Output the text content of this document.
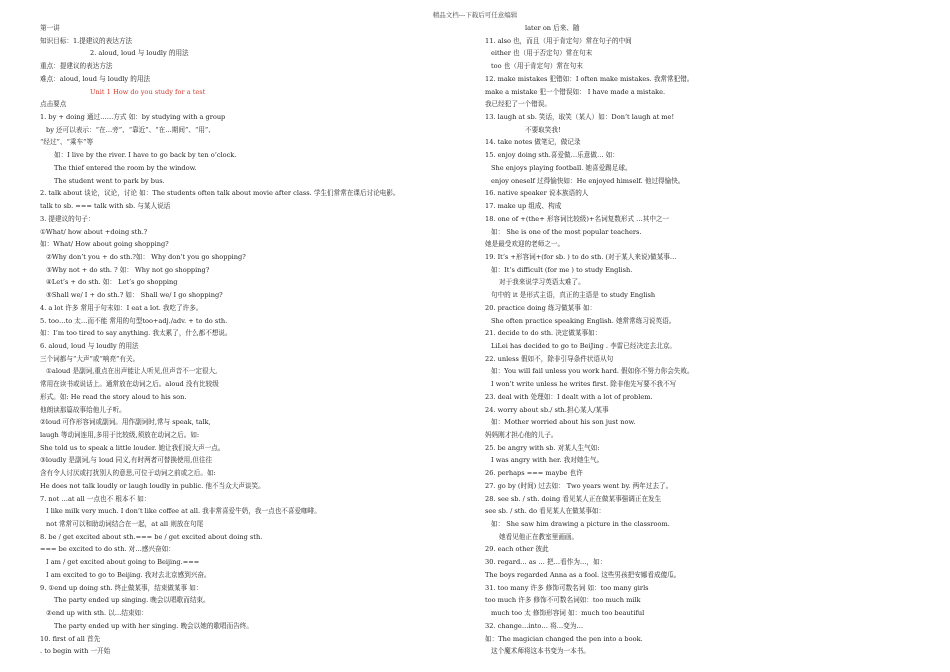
精品文档---下载后可任意编辑
第一讲
知识目标：1.提建议的表达方法
2. aloud, loud 与 loudly 的用法
重点：提建议的表达方法
难点：aloud, loud 与 loudly 的用法
Unit 1 How do you study for a test
点击要点
1. by + doing 通过……方式 如：by studying with a group
by 还可以表示：“在…旁”、“靠近”、“在…期间”、“用”、
“经过”、“乘车”等
如：I live by the river. I have to go back by ten o’clock.
The thief entered the room by the window.
The student went to park by bus.
2. talk about 谈论，议论，讨论 如：The students often talk about movie after class. 学生们常常在课后讨论电影。
talk to sb. === talk with sb. 与某人说话
3. 提建议的句子：
①What/ how about +doing sth.?
如：What/ How about going shopping?
②Why don’t you + do sth.?如： Why don’t you go shopping?
③Why not + do sth. ? 如： Why not go shopping?
④Let’s + do sth. 如： Let’s go shopping
⑤Shall we/ I + do sth.? 如： Shall we/ I go shopping?
4. a lot 许多 常用于句末如：I eat a lot. 我吃了许多。
5. too…to 太…而不能 常用的句型too+adj./adv. + to do sth.
如：I’m too tired to say anything. 我太累了，什么都不想说。
6. aloud, loud 与 loudly 的用法
三个词都与“大声”或“响亮”有关。
①aloud 是副词,重点在出声能让人听见,但声音不一定很大,
常用在读书或说话上。通常放在动词之后。aloud 没有比较级
形式。如: He read the story aloud to his son.
他朗读那篇故事给他儿子听。
②loud 可作形容词或副词。用作副词时,常与 speak, talk,
laugh 等动词连用,多用于比较级,须放在动词之后。如:
She told us to speak a little louder. 她让我们说大声一点。
③loudly 是副词,与 loud 同义,有时两者可替换使用,但往往
含有令人讨厌或打扰别人的意思,可位于动词之前或之后。如:
He does not talk loudly or laugh loudly in public. 他不当众大声谈笑。
7. not …at all 一点也不 根本不 如：
I like milk very much. I don’t like coffee at all. 我非常喜爱牛奶，我一点也不喜爱咖啡。
not 常常可以和助动词结合在一起，at all 则放在句尾
8. be / get excited about sth.=== be / get excited about doing sth.
=== be excited to do sth. 对…感兴奋如：
I am / get excited about going to Beijing.===
I am excited to go to Beijing. 我对去北京感到兴奋。
9. ①end up doing sth. 终止做某事，结束做某事 如：
The party ended up singing. 晚会以唱歌而结束。
②end up with sth. 以…结束如：
The party ended up with her singing. 晚会以她的歌唱而告终。
10. first of all 首先
. to begin with 一开始
later on 后来、随
11. also 也，而且（用于肯定句）常在句子的中间
either 也（用于否定句）常在句末
too 也（用于肯定句）常在句末
12. make mistakes 犯错如：I often make mistakes. 我常常犯错。
make a mistake 犯一个错误如： I have made a mistake.
我已经犯了一个错误。
13. laugh at sb. 笑话，取笑（某人）如：Don’t laugh at me!
不要取笑我!
14. take notes 做笔记，做记录
15. enjoy doing sth.喜爱做…乐意做… 如：
She enjoys playing football. 她喜爱踢足球。
enjoy oneself 过得愉快如：He enjoyed himself. 他过得愉快。
16. native speaker 说本族语的人
17. make up 组成、构成
18. one of +(the+ 形容词比较级)+名词复数形式 …其中之一
如： She is one of the most popular teachers.
她是最受欢迎的老师之一。
19. It’s +形容词+(for sb. ) to do sth. (对于某人来说)做某事…
如：It’s difficult (for me ) to study English.
对于我来说学习英语太难了。
句中的 it 是形式主语，真正的主语是 to study English
20. practice doing 练习做某事 如：
She often practice speaking English. 她常常练习说英语。
21. decide to do sth. 决定做某事如：
LiLei has decided to go to BeiJing . 李雷已经决定去北京。
22. unless 假如不，除非引导条件状语从句
如：You will fail unless you work hard. 假如你不努力你会失败。
I won’t write unless he writes first. 除非他先写要不我不写
23. deal with 处理如：I dealt with a lot of problem.
24. worry about sb./ sth.担心某人/某事
如：Mother worried about his son just now.
妈妈刚才担心他的儿子。
25. be angry with sb. 对某人生气如:
I was angry with her. 我对她生气。
26. perhaps === maybe 也许
27. go by (时间) 过去如： Two years went by. 两年过去了。
28. see sb. / sth. doing 看见某人正在做某事强调正在发生
see sb. / sth. do 看见某人在做某事如：
如： She saw him drawing a picture in the classroom.
她看见他正在教室里画画。
29. each other 彼此
30. regard… as … 把…看作为…，如：
The boys regarded Anna as a fool. 这些男孩把安娜看成傻瓜。
31. too many 许多 修饰可数名词 如：too many girls
too much 许多 修饰不可数名词如：too much milk
much too 太 修饰形容词 如：much too beautiful
32. change…into… 将…变为…
如：The magician changed the pen into a book.
这个魔术师将这本书变为一本书。
